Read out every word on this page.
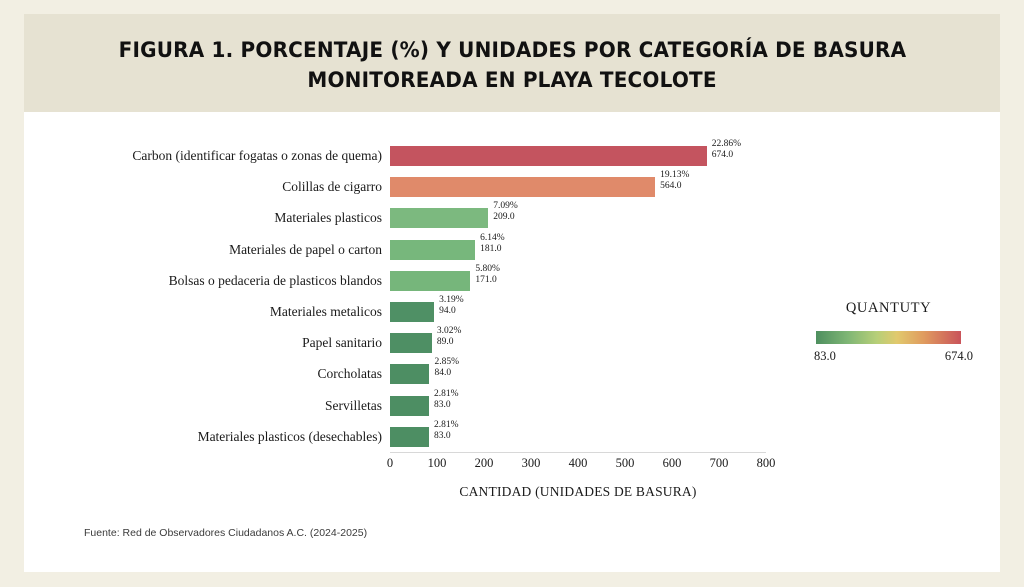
FIGURA 1. PORCENTAJE (%) Y UNIDADES POR CATEGORÍA DE BASURA
MONITOREADA EN PLAYA TECOLOTE
Carbon (identificar fogatas o zonas de quema)
22.86%
674.0
Colillas de cigarro
19.13%
564.0
Materiales plasticos
7.09%
209.0
Materiales de papel o carton
6.14%
181.0
Bolsas o pedaceria de plasticos blandos
5.80%
171.0
Materiales metalicos
3.19%
94.0
Papel sanitario
3.02%
89.0
Corcholatas
2.85%
84.0
Servilletas
2.81%
83.0
Materiales plasticos (desechables)
2.81%
83.0
CANTIDAD (UNIDADES DE BASURA)
QUANTUTY
83.0	674.0
Fuente: Red de Observadores Ciudadanos A.C. (2024-2025)
0	100 200 300 400 500 600 700 800
